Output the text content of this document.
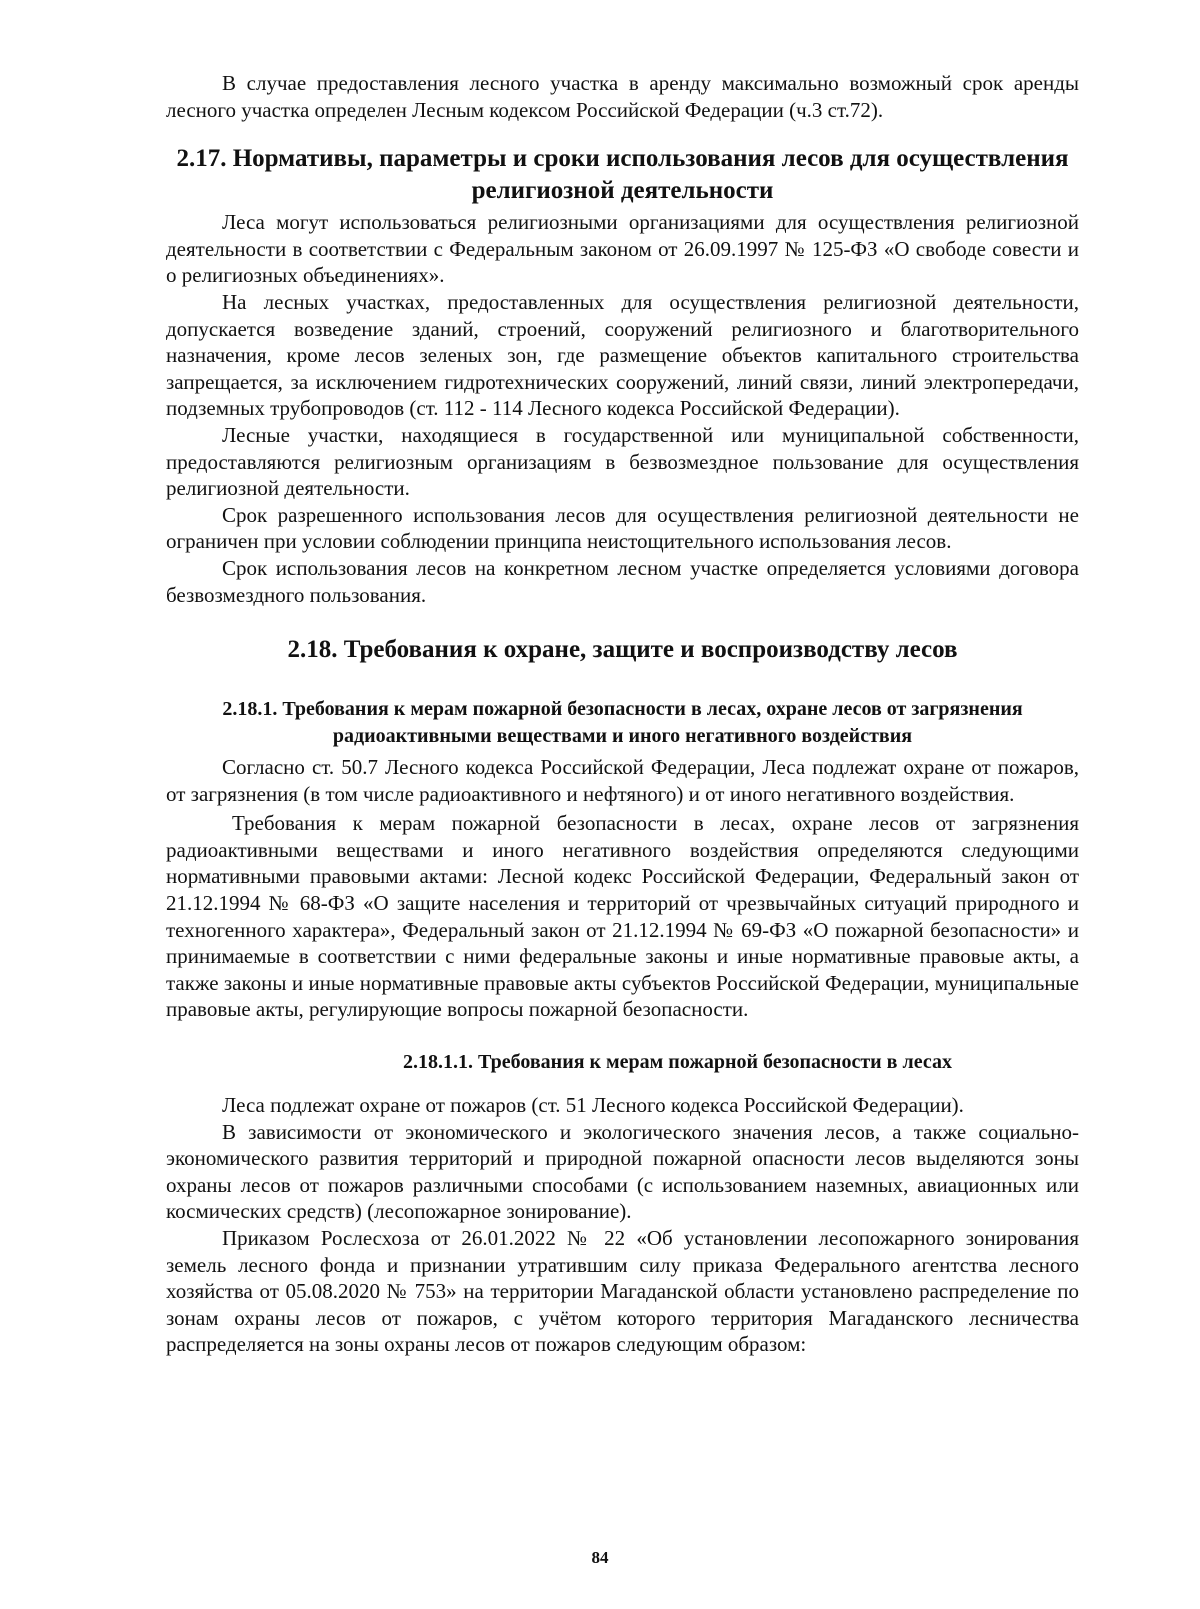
В случае предоставления лесного участка в аренду максимально возможный срок аренды лесного участка определен Лесным кодексом Российской Федерации (ч.3 ст.72).

2.17. Нормативы, параметры и сроки использования лесов для осуществления религиозной деятельности

Леса могут использоваться религиозными организациями для осуществления религиозной деятельности в соответствии с Федеральным законом от 26.09.1997 № 125-ФЗ «О свободе совести и о религиозных объединениях».

На лесных участках, предоставленных для осуществления религиозной деятельности, допускается возведение зданий, строений, сооружений религиозного и благотворительного назначения, кроме лесов зеленых зон, где размещение объектов капитального строительства запрещается, за исключением гидротехнических сооружений, линий связи, линий электропередачи, подземных трубопроводов (ст. 112 - 114 Лесного кодекса Российской Федерации).

Лесные участки, находящиеся в государственной или муниципальной собственности, предоставляются религиозным организациям в безвозмездное пользование для осуществления религиозной деятельности.

Срок разрешенного использования лесов для осуществления религиозной деятельности не ограничен при условии соблюдении принципа неистощительного использования лесов.

Срок использования лесов на конкретном лесном участке определяется условиями договора безвозмездного пользования.

2.18. Требования к охране, защите и воспроизводству лесов
2.18.1. Требования к мерам пожарной безопасности в лесах, охране лесов от загрязнения радиоактивными веществами и иного негативного воздействия

Согласно ст. 50.7 Лесного кодекса Российской Федерации, Леса подлежат охране от пожаров, от загрязнения (в том числе радиоактивного и нефтяного) и от иного негативного воздействия.

Требования к мерам пожарной безопасности в лесах, охране лесов от загрязнения радиоактивными веществами и иного негативного воздействия определяются следующими нормативными правовыми актами: Лесной кодекс Российской Федерации, Федеральный закон от 21.12.1994 № 68-ФЗ «О защите населения и территорий от чрезвычайных ситуаций природного и техногенного характера», Федеральный закон от 21.12.1994 № 69-ФЗ «О пожарной безопасности» и принимаемые в соответствии с ними федеральные законы и иные нормативные правовые акты, а также законы и иные нормативные правовые акты субъектов Российской Федерации, муниципальные правовые акты, регулирующие вопросы пожарной безопасности.

2.18.1.1. Требования к мерам пожарной безопасности в лесах

Леса подлежат охране от пожаров (ст. 51 Лесного кодекса Российской Федерации).

В зависимости от экономического и экологического значения лесов, а также социально-экономического развития территорий и природной пожарной опасности лесов выделяются зоны охраны лесов от пожаров различными способами (с использованием наземных, авиационных или космических средств) (лесопожарное зонирование).

Приказом Рослесхоза от 26.01.2022 № 22 «Об установлении лесопожарного зонирования земель лесного фонда и признании утратившим силу приказа Федерального агентства лесного хозяйства от 05.08.2020 № 753» на территории Магаданской области установлено распределение по зонам охраны лесов от пожаров, с учётом которого территория Магаданского лесничества распределяется на зоны охраны лесов от пожаров следующим образом:

84
